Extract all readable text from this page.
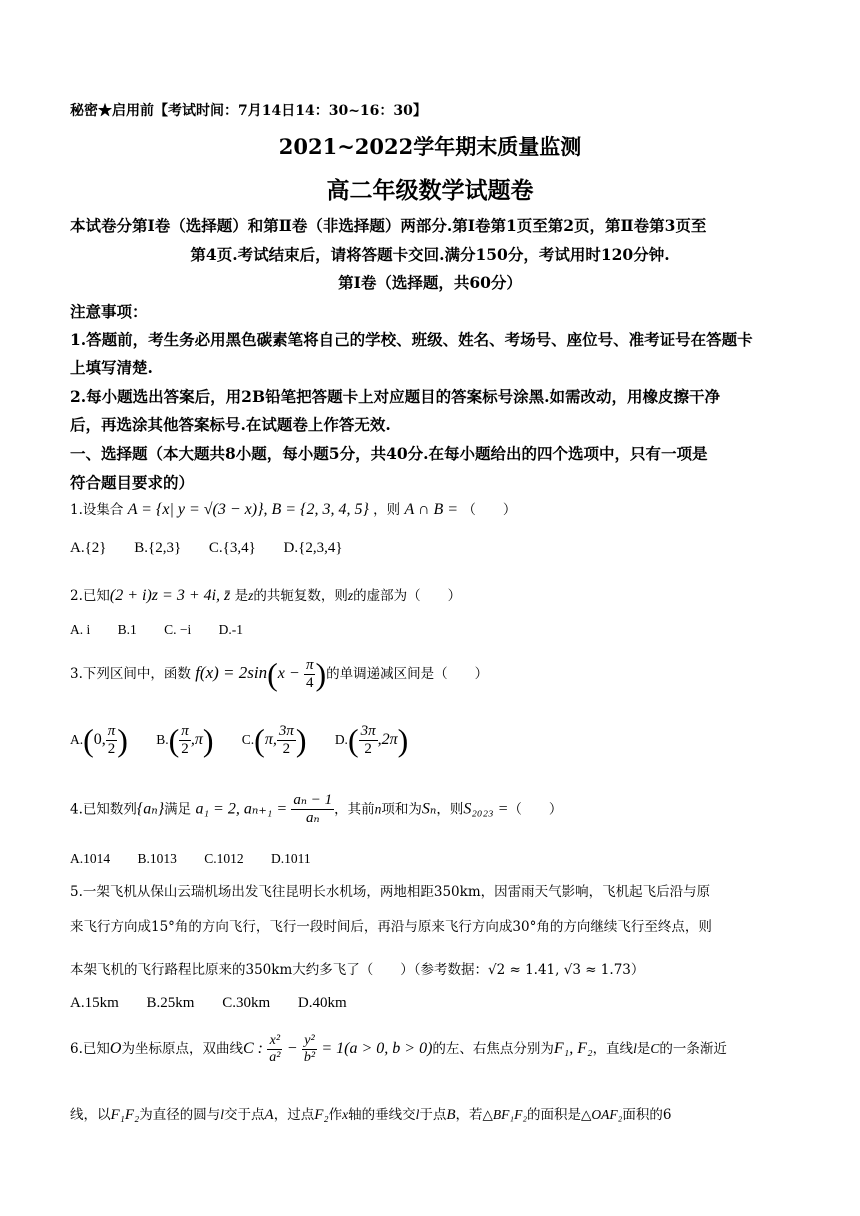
秘密★启用前【考试时间：7月14日14：30~16：30】
2021~2022学年期末质量监测
高二年级数学试题卷
本试卷分第Ⅰ卷（选择题）和第Ⅱ卷（非选择题）两部分.第Ⅰ卷第1页至第2页，第Ⅱ卷第3页至
第4页.考试结束后，请将答题卡交回.满分150分，考试用时120分钟.
第Ⅰ卷（选择题，共60分）
注意事项：
1.答题前，考生务必用黑色碳素笔将自己的学校、班级、姓名、考场号、座位号、准考证号在答题卡
上填写清楚.
2.每小题选出答案后，用2B铅笔把答题卡上对应题目的答案标号涂黑.如需改动，用橡皮擦干净
后，再选涂其他答案标号.在试题卷上作答无效.
一、选择题（本大题共8小题，每小题5分，共40分.在每小题给出的四个选项中，只有一项是
符合题目要求的）
1.设集合 A = {x| y = √(3 − x)}, B = {2, 3, 4, 5} ，则 A ∩ B = （　　）
A.{2} B.{2,3} C.{3,4} D.{2,3,4}
2.已知(2 + i)z = 3 + 4i, z̄ 是z的共轭复数，则z的虚部为（　　）
A. i B.1 C. −i D.-1
3.下列区间中，函数 $f(x) = 2\sin(x - \frac{\pi}{4}$ )的单调递减区间是（　　）
A.(0, $\frac{\pi}{2}$ ) $B.( \frac{\pi}{2} ,\pi)$ C.(π, $\frac{3\pi}{2}$ ) $D.( \frac{3\pi}{2} ,2\pi)$
4.已知数列{aₙ}满足 a₁ = 2, $a_{n+1} = \frac{\text{aₙ − 1}}{\text{aₙ}}$ ，其前n项和为Sₙ，则S₂₀₂₃ =（　　）
A.1014 B.1013 C.1012 D.1011
5.一架飞机从保山云瑞机场出发飞往昆明长水机场，两地相距350km，因雷雨天气影响，飞机起飞后沿与原
来飞行方向成15°角的方向飞行，飞行一段时间后，再沿与原来飞行方向成30°角的方向继续飞行至终点，则
本架飞机的飞行路程比原来的350km大约多飞了（　　）（参考数据：√2 ≈ 1.41, √3 ≈ 1.73）
A.15km B.25km C.30km D.40km
6.已知O为坐标原点，双曲线C : $\frac{\text{x²}}{\text{a²}} - \frac{\text{y²}}{\text{b²}} = 1(a > 0$, b > 0)的左、右焦点分别为F₁, F₂，直线l是C的一条渐近
线，以F₁F₂为直径的圆与l交于点A，过点F₂作x轴的垂线交l于点B，若△BF₁F₂的面积是△OAF₂面积的6
